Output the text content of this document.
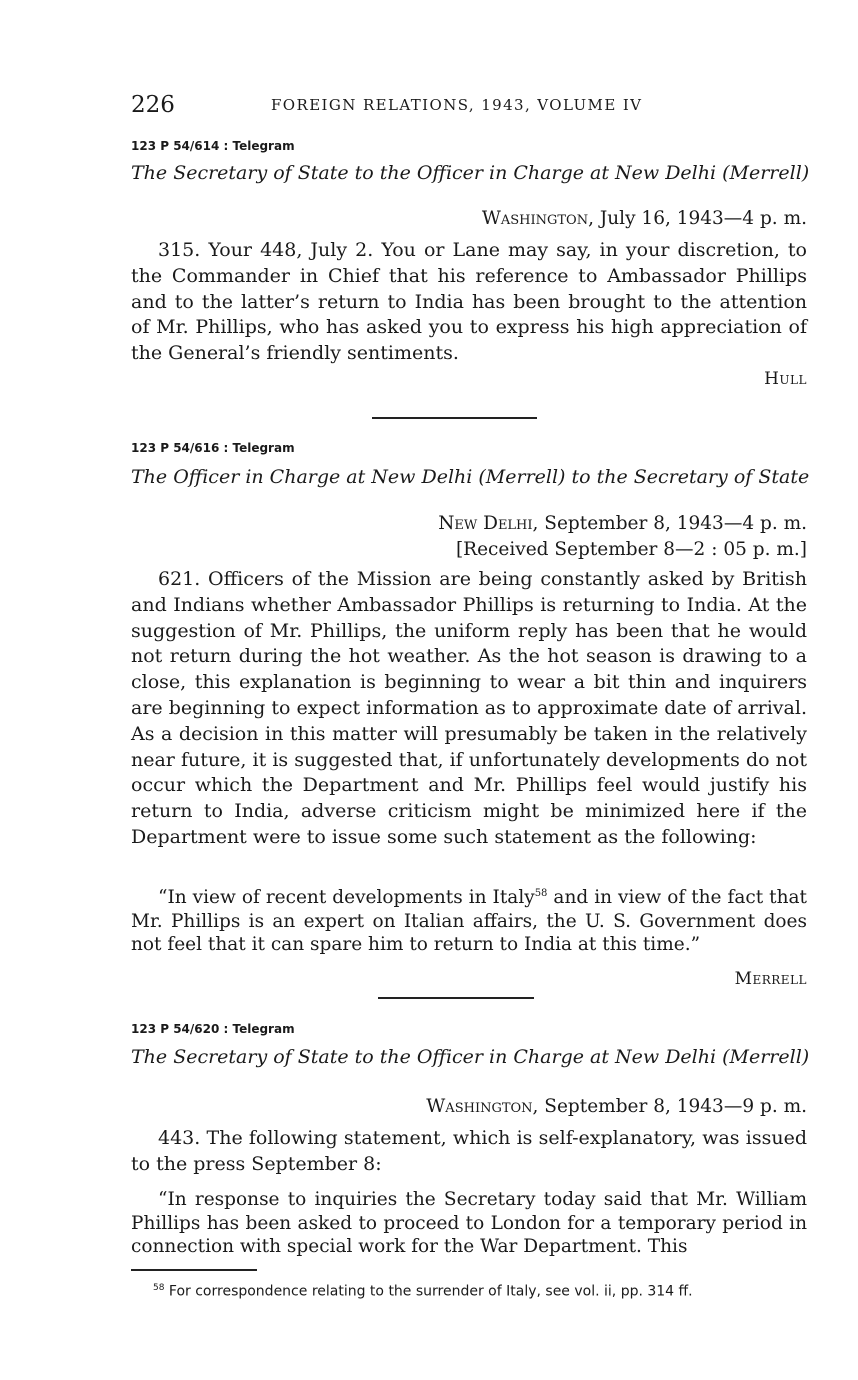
226	FOREIGN RELATIONS, 1943, VOLUME IV
123 P 54/614 : Telegram
The Secretary of State to the Officer in Charge at New Delhi (Merrell)
Washington, July 16, 1943—4 p. m.

315. Your 448, July 2. You or Lane may say, in your discretion, to the Commander in Chief that his reference to Ambassador Phillips and to the latter’s return to India has been brought to the attention of Mr. Phillips, who has asked you to express his high appreciation of the General’s friendly sentiments.

Hull
123 P 54/616 : Telegram
The Officer in Charge at New Delhi (Merrell) to the Secretary of State
New Delhi, September 8, 1943—4 p. m.
[Received September 8—2 : 05 p. m.]

621. Officers of the Mission are being constantly asked by British and Indians whether Ambassador Phillips is returning to India. At the suggestion of Mr. Phillips, the uniform reply has been that he would not return during the hot weather. As the hot season is drawing to a close, this explanation is beginning to wear a bit thin and inquirers are beginning to expect information as to approximate date of arrival. As a decision in this matter will presumably be taken in the relatively near future, it is suggested that, if unfortunately developments do not occur which the Department and Mr. Phillips feel would justify his return to India, adverse criticism might be minimized here if the Department were to issue some such statement as the following:

“In view of recent developments in Italy$^{58}$ and in view of the fact that Mr. Phillips is an expert on Italian affairs, the U. S. Government does not feel that it can spare him to return to India at this time.”

Merrell
123 P 54/620 : Telegram
The Secretary of State to the Officer in Charge at New Delhi (Merrell)
Washington, September 8, 1943—9 p. m.

443. The following statement, which is self-explanatory, was issued to the press September 8:

“In response to inquiries the Secretary today said that Mr. William Phillips has been asked to proceed to London for a temporary period in connection with special work for the War Department. This

$^{58}$ For correspondence relating to the surrender of Italy, see vol. ii, pp. 314 ff.
